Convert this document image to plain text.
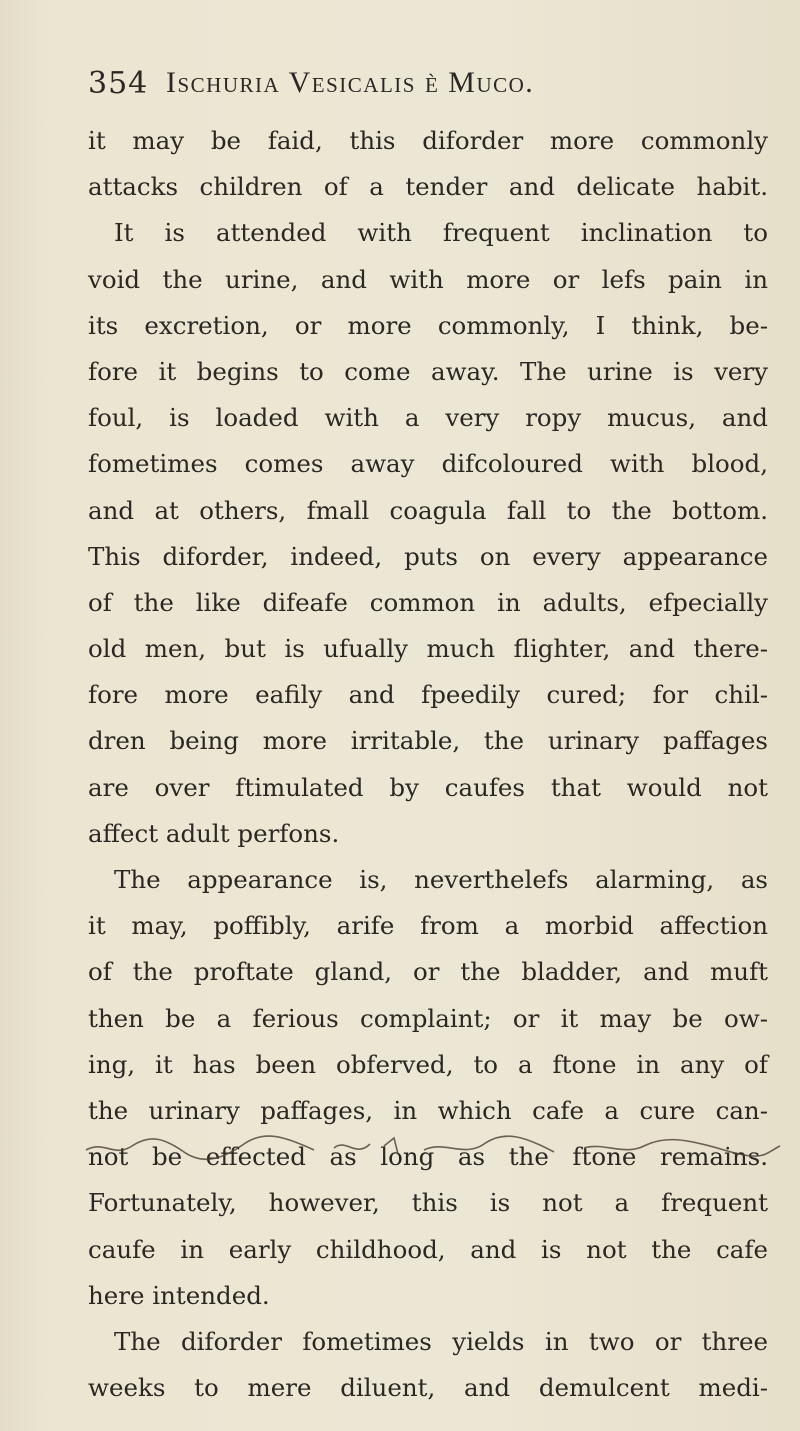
354 Ischuria Vesicalis è Muco.
it may be faid, this diforder more commonly
attacks children of a tender and delicate habit.
It is attended with frequent inclination to
void the urine, and with more or lefs pain in
its excretion, or more commonly, I think, be-
fore it begins to come away. The urine is very
foul, is loaded with a very ropy mucus, and
fometimes comes away difcoloured with blood,
and at others, fmall coagula fall to the bottom.
This diforder, indeed, puts on every appearance
of the like difeafe common in adults, efpecially
old men, but is ufually much flighter, and there-
fore more eafily and fpeedily cured; for chil-
dren being more irritable, the urinary paffages
are over ftimulated by caufes that would not
affect adult perfons.
The appearance is, neverthelefs alarming, as
it may, poffibly, arife from a morbid affection
of the proftate gland, or the bladder, and muft
then be a ferious complaint; or it may be ow-
ing, it has been obferved, to a ftone in any of
the urinary paffages, in which cafe a cure can-
not be effected as long as the ftone remains.
Fortunately, however, this is not a frequent
caufe in early childhood, and is not the cafe
here intended.
The diforder fometimes yields in two or three
weeks to mere diluent, and demulcent medi-
